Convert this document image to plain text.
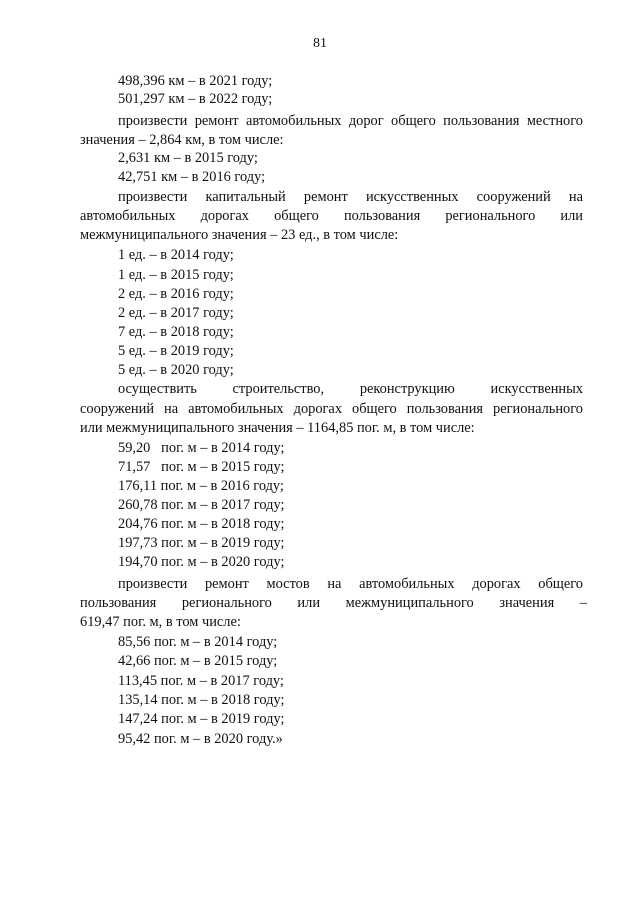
81
498,396 км – в 2021 году;
501,297 км – в 2022 году;
произвести ремонт автомобильных дорог общего пользования местного
значения – 2,864 км, в том числе:
2,631 км – в 2015 году;
42,751 км – в 2016 году;
произвести капитальный ремонт искусственных сооружений на
автомобильных дорогах общего пользования регионального или
межмуниципального значения – 23 ед., в том числе:
1 ед. – в 2014 году;
1 ед. – в 2015 году;
2 ед. – в 2016 году;
2 ед. – в 2017 году;
7 ед. – в 2018 году;
5 ед. – в 2019 году;
5 ед. – в 2020 году;
осуществить строительство, реконструкцию искусственных
сооружений на автомобильных дорогах общего пользования регионального
или межмуниципального значения – 1164,85 пог. м, в том числе:
59,20   пог. м – в 2014 году;
71,57   пог. м – в 2015 году;
176,11 пог. м – в 2016 году;
260,78 пог. м – в 2017 году;
204,76 пог. м – в 2018 году;
197,73 пог. м – в 2019 году;
194,70 пог. м – в 2020 году;
произвести ремонт мостов на автомобильных дорогах общего
пользования регионального или межмуниципального значения –
619,47 пог. м, в том числе:
85,56 пог. м – в 2014 году;
42,66 пог. м – в 2015 году;
113,45 пог. м – в 2017 году;
135,14 пог. м – в 2018 году;
147,24 пог. м – в 2019 году;
95,42 пог. м – в 2020 году.»
